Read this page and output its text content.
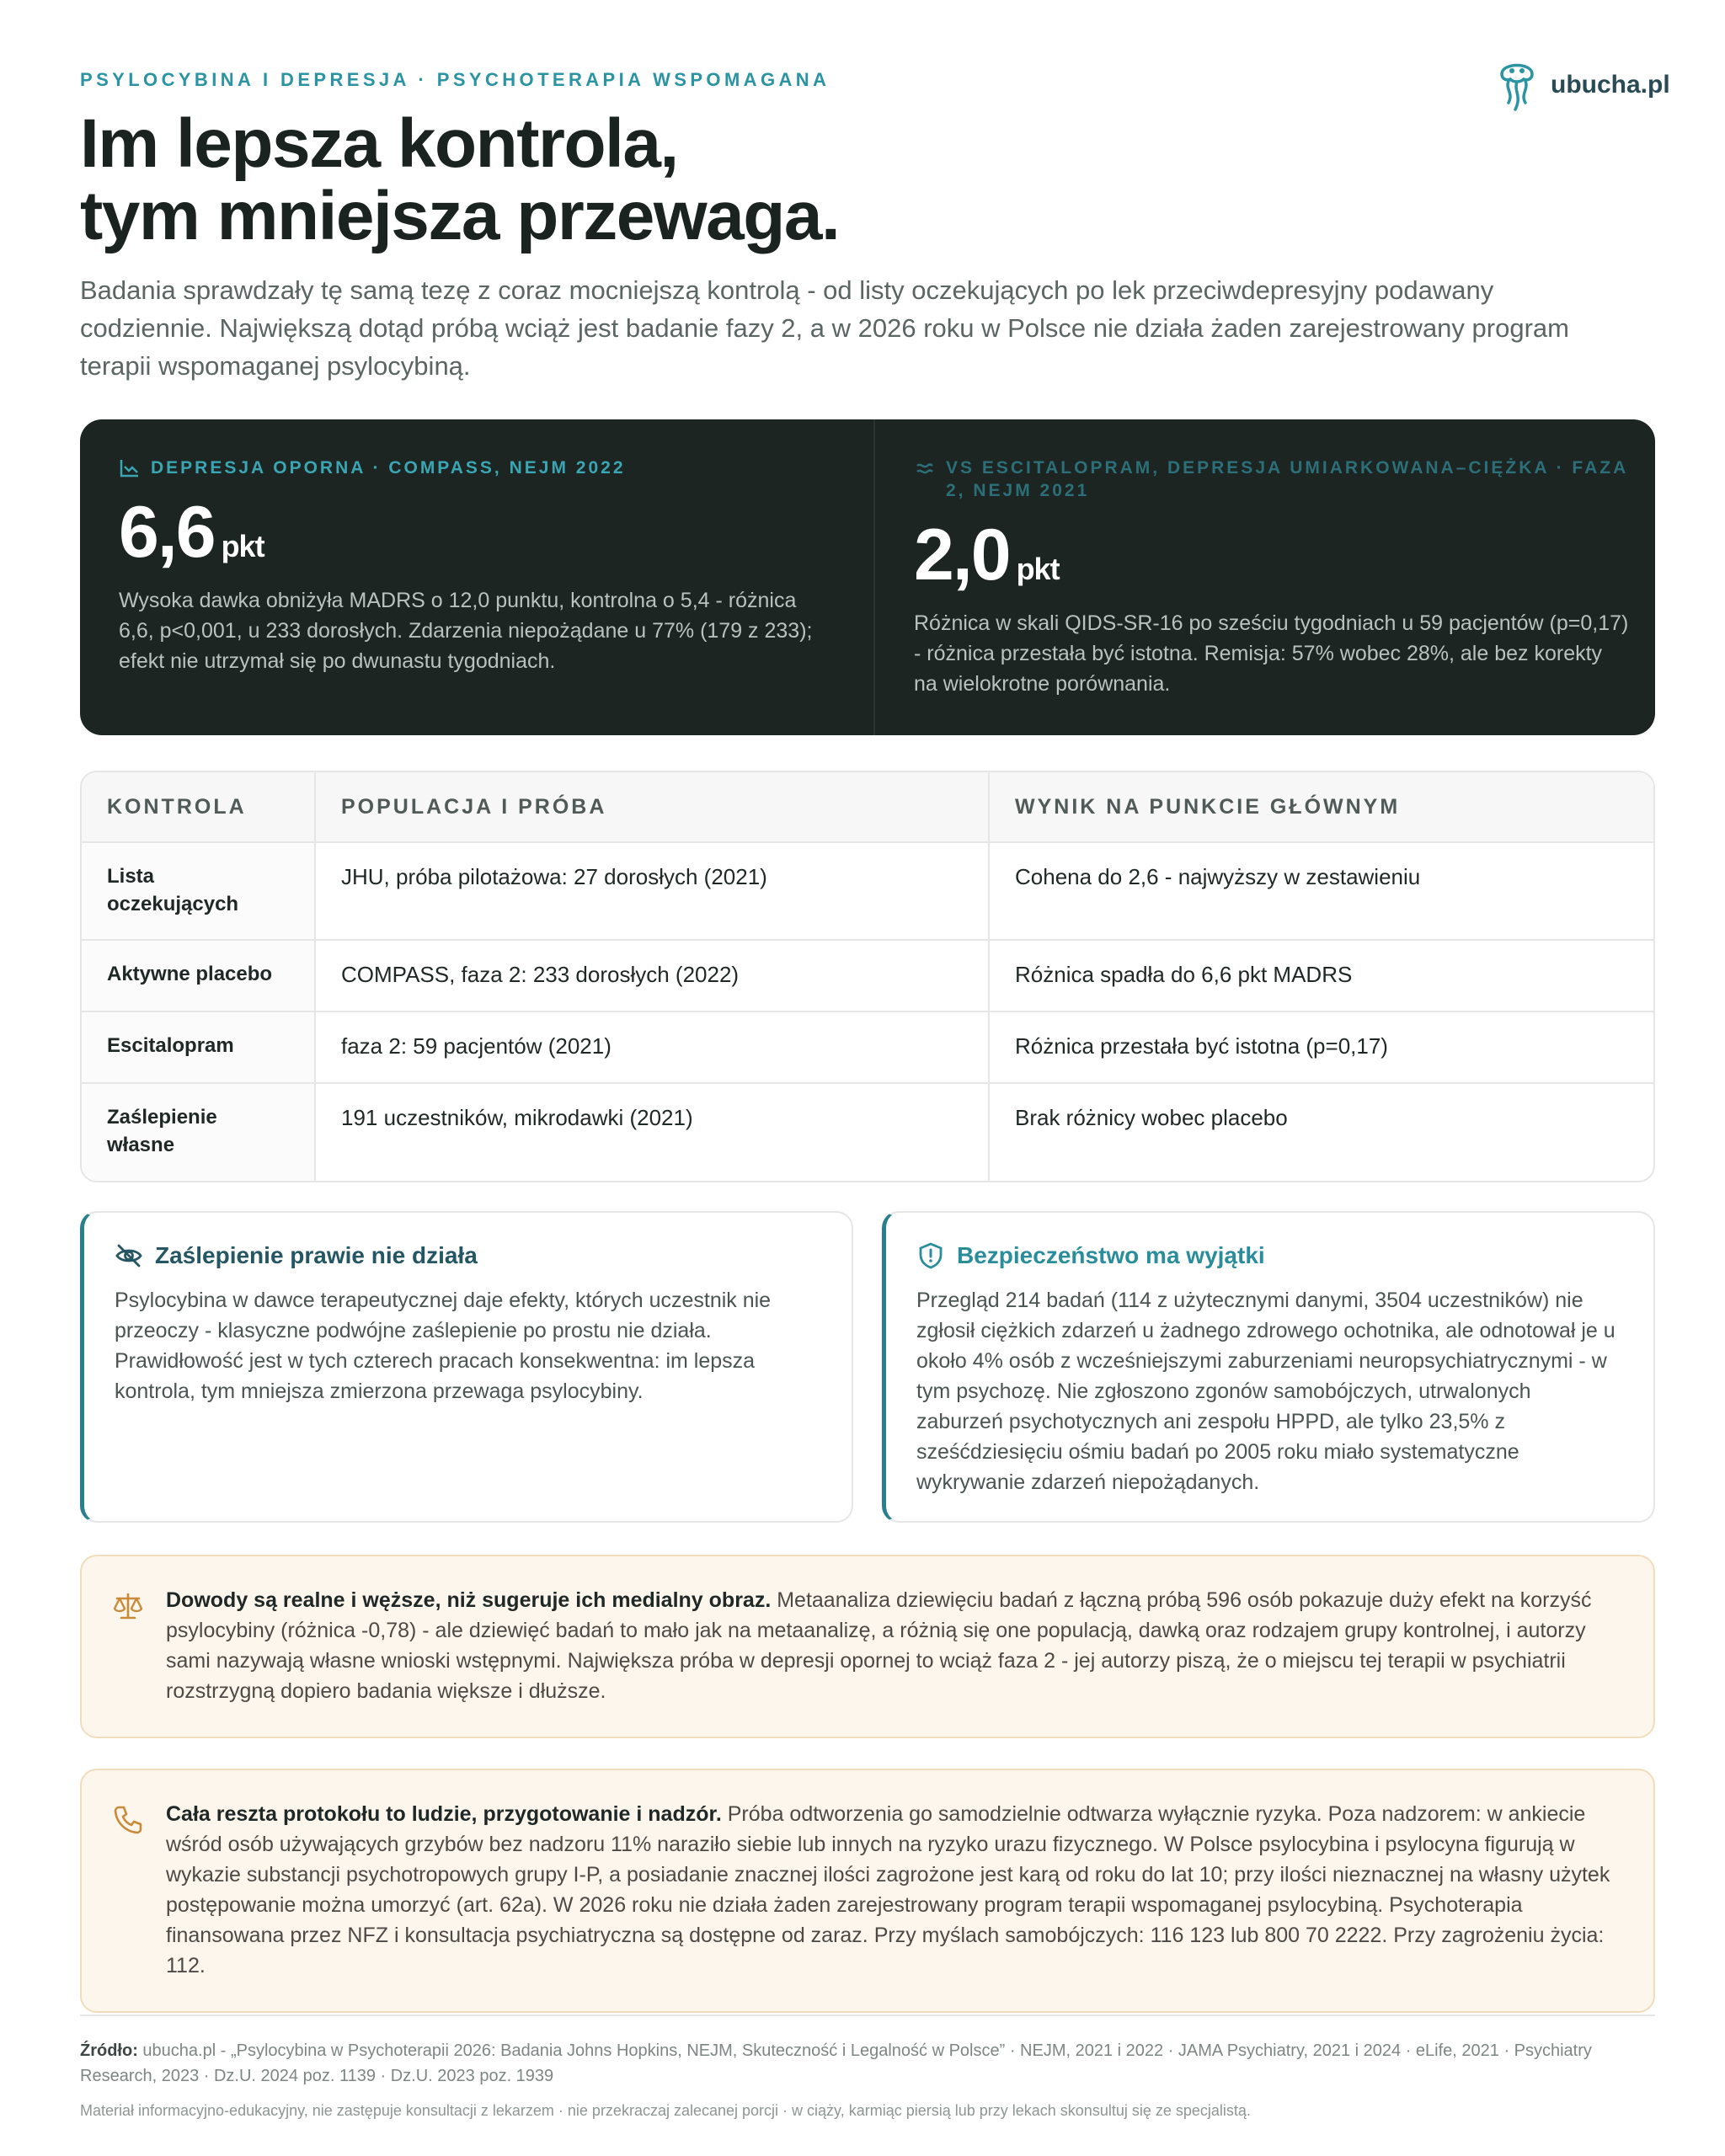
PSYLOCYBINA I DEPRESJA · PSYCHOTERAPIA WSPOMAGANA	ubucha.pl
Im lepsza kontrola,
tym mniejsza przewaga.

Badania sprawdzały tę samą tezę z coraz mocniejszą kontrolą - od listy oczekujących po lek przeciwdepresyjny podawany codziennie. Największą dotąd próbą wciąż jest badanie fazy 2, a w 2026 roku w Polsce nie działa żaden zarejestrowany program terapii wspomaganej psylocybiną.

DEPRESJA OPORNA · COMPASS, NEJM 2022
6,6 pkt

Wysoka dawka obniżyła MADRS o 12,0 punktu, kontrolna o 5,4 - różnica 6,6, p<0,001, u 233 dorosłych. Zdarzenia niepożądane u 77% (179 z 233); efekt nie utrzymał się po dwunastu tygodniach.

VS ESCITALOPRAM, DEPRESJA UMIARKOWANA–CIĘŻKA · FAZA 2, NEJM 2021
2,0 pkt

Różnica w skali QIDS-SR-16 po sześciu tygodniach u 59 pacjentów (p=0,17) - różnica przestała być istotna. Remisja: 57% wobec 28%, ale bez korekty na wielokrotne porównania.

KONTROLA	POPULACJA I PRÓBA	WYNIK NA PUNKCIE GŁÓWNYM
Lista oczekujących	JHU, próba pilotażowa: 27 dorosłych (2021)	Cohena do 2,6 - najwyższy w zestawieniu
Aktywne placebo	COMPASS, faza 2: 233 dorosłych (2022)	Różnica spadła do 6,6 pkt MADRS
Escitalopram	faza 2: 59 pacjentów (2021)	Różnica przestała być istotna (p=0,17)
Zaślepienie własne	191 uczestników, mikrodawki (2021)	Brak różnicy wobec placebo
Zaślepienie prawie nie działa

Psylocybina w dawce terapeutycznej daje efekty, których uczestnik nie przeoczy - klasyczne podwójne zaślepienie po prostu nie działa. Prawidłowość jest w tych czterech pracach konsekwentna: im lepsza kontrola, tym mniejsza zmierzona przewaga psylocybiny.

Bezpieczeństwo ma wyjątki

Przegląd 214 badań (114 z użytecznymi danymi, 3504 uczestników) nie zgłosił ciężkich zdarzeń u żadnego zdrowego ochotnika, ale odnotował je u około 4% osób z wcześniejszymi zaburzeniami neuropsychiatrycznymi - w tym psychozę. Nie zgłoszono zgonów samobójczych, utrwalonych zaburzeń psychotycznych ani zespołu HPPD, ale tylko 23,5% z sześćdziesięciu ośmiu badań po 2005 roku miało systematyczne wykrywanie zdarzeń niepożądanych.

Dowody są realne i węższe, niż sugeruje ich medialny obraz. Metaanaliza dziewięciu badań z łączną próbą 596 osób pokazuje duży efekt na korzyść psylocybiny (różnica -0,78) - ale dziewięć badań to mało jak na metaanalizę, a różnią się one populacją, dawką oraz rodzajem grupy kontrolnej, i autorzy sami nazywają własne wnioski wstępnymi. Największa próba w depresji opornej to wciąż faza 2 - jej autorzy piszą, że o miejscu tej terapii w psychiatrii rozstrzygną dopiero badania większe i dłuższe.

Cała reszta protokołu to ludzie, przygotowanie i nadzór. Próba odtworzenia go samodzielnie odtwarza wyłącznie ryzyka. Poza nadzorem: w ankiecie wśród osób używających grzybów bez nadzoru 11% naraziło siebie lub innych na ryzyko urazu fizycznego. W Polsce psylocybina i psylocyna figurują w wykazie substancji psychotropowych grupy I-P, a posiadanie znacznej ilości zagrożone jest karą od roku do lat 10; przy ilości nieznacznej na własny użytek postępowanie można umorzyć (art. 62a). W 2026 roku nie działa żaden zarejestrowany program terapii wspomaganej psylocybiną. Psychoterapia finansowana przez NFZ i konsultacja psychiatryczna są dostępne od zaraz. Przy myślach samobójczych: 116 123 lub 800 70 2222. Przy zagrożeniu życia: 112.

Źródło: ubucha.pl - „Psylocybina w Psychoterapii 2026: Badania Johns Hopkins, NEJM, Skuteczność i Legalność w Polsce” · NEJM, 2021 i 2022 · JAMA Psychiatry, 2021 i 2024 · eLife, 2021 · Psychiatry Research, 2023 · Dz.U. 2024 poz. 1139 · Dz.U. 2023 poz. 1939

Materiał informacyjno-edukacyjny, nie zastępuje konsultacji z lekarzem · nie przekraczaj zalecanej porcji · w ciąży, karmiąc piersią lub przy lekach skonsultuj się ze specjalistą.
